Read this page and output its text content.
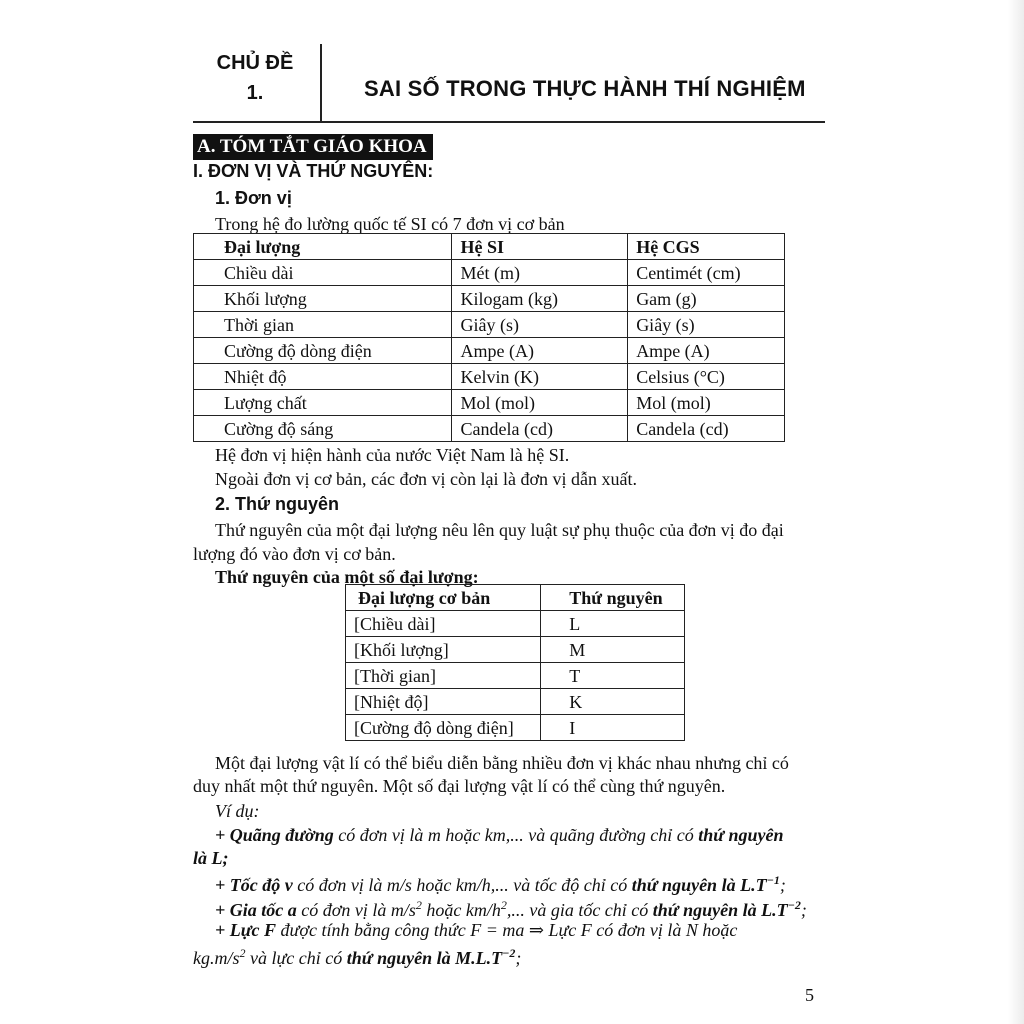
CHỦ ĐỀ
1.	SAI SỐ TRONG THỰC HÀNH THÍ NGHIỆM
A. TÓM TẮT GIÁO KHOA
I. ĐƠN VỊ VÀ THỨ NGUYÊN:
1. Đơn vị
Trong hệ đo lường quốc tế SI có 7 đơn vị cơ bản
Đại lượng	Hệ SI	Hệ CGS
Chiều dài	Mét (m)	Centimét (cm)
Khối lượng	Kilogam (kg)	Gam (g)
Thời gian	Giây (s)	Giây (s)
Cường độ dòng điện	Ampe (A)	Ampe (A)
Nhiệt độ	Kelvin (K)	Celsius (°C)
Lượng chất	Mol (mol)	Mol (mol)
Cường độ sáng	Candela (cd)	Candela (cd)
Hệ đơn vị hiện hành của nước Việt Nam là hệ SI.
Ngoài đơn vị cơ bản, các đơn vị còn lại là đơn vị dẫn xuất.
2. Thứ nguyên
Thứ nguyên của một đại lượng nêu lên quy luật sự phụ thuộc của đơn vị đo đại
lượng đó vào đơn vị cơ bản.
Thứ nguyên của một số đại lượng:
Đại lượng cơ bản	Thứ nguyên
[Chiều dài]	L
[Khối lượng]	M
[Thời gian]	T
[Nhiệt độ]	K
[Cường độ dòng điện]	I
Một đại lượng vật lí có thể biểu diễn bằng nhiều đơn vị khác nhau nhưng chỉ có
duy nhất một thứ nguyên. Một số đại lượng vật lí có thể cùng thứ nguyên.
Ví dụ:
+ Quãng đường có đơn vị là m hoặc km,... và quãng đường chỉ có thứ nguyên
là L;
+ Tốc độ v có đơn vị là m/s hoặc km/h,... và tốc độ chỉ có thứ nguyên là $L.T^{-1}$;
+ Gia tốc a có đơn vị là $m/s^2$ hoặc $km/h^2$,... và gia tốc chỉ có thứ nguyên là $L.T^{-2}$;
+ Lực F được tính bằng công thức F = ma ⇒ Lực F có đơn vị là N hoặc
$kg.m/s^2$ và lực chỉ có thứ nguyên là $M.L.T^{-2}$;
5
